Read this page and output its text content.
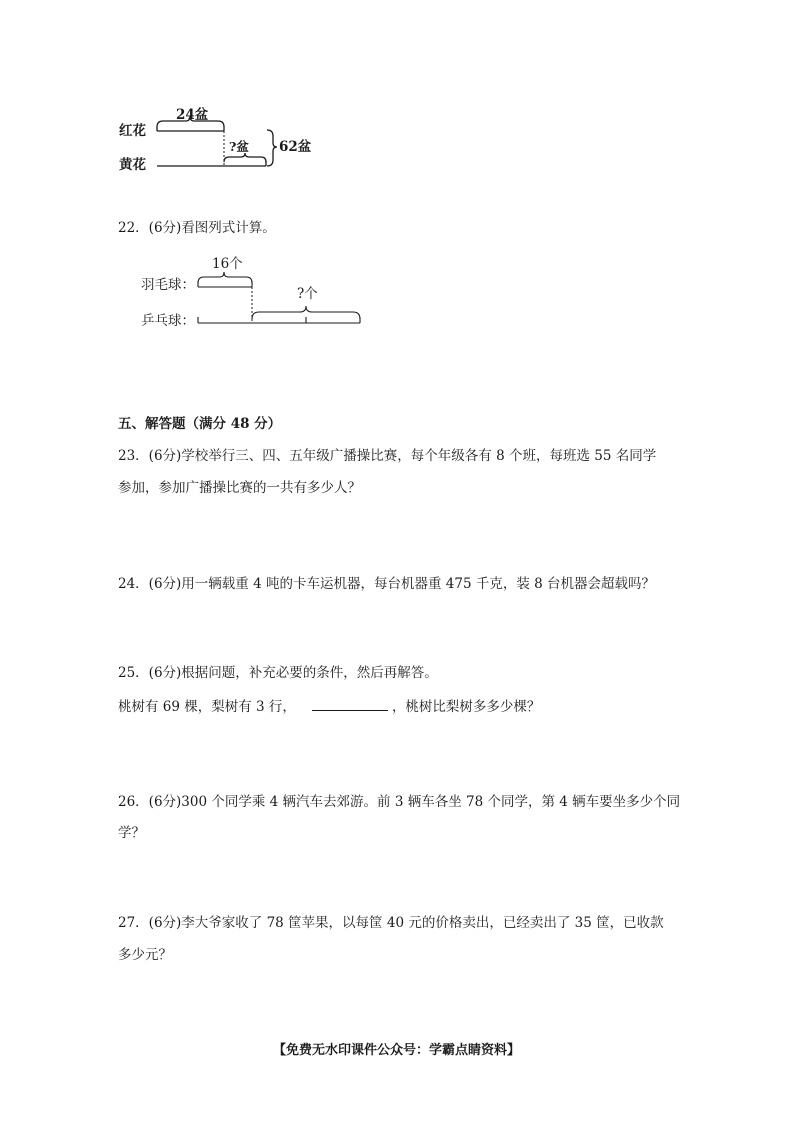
24盆
红花
?盆 62盆
黄花
22．(6分)看图列式计算。
16个
羽毛球：
?个
乒乓球：
五、解答题（满分 48 分）
23．(6分)学校举行三、四、五年级广播操比赛，每个年级各有 8 个班，每班选 55 名同学
参加，参加广播操比赛的一共有多少人？
24．(6分)用一辆载重 4 吨的卡车运机器，每台机器重 475 千克，装 8 台机器会超载吗？
25．(6分)根据问题，补充必要的条件，然后再解答。
桃树有 69 棵，梨树有 3 行，	，桃树比梨树多多少棵？
26．(6分)300 个同学乘 4 辆汽车去郊游。前 3 辆车各坐 78 个同学，第 4 辆车要坐多少个同
学？
27．(6分)李大爷家收了 78 筐苹果，以每筐 40 元的价格卖出，已经卖出了 35 筐，已收款
多少元？
【免费无水印课件公众号：学霸点睛资料】
